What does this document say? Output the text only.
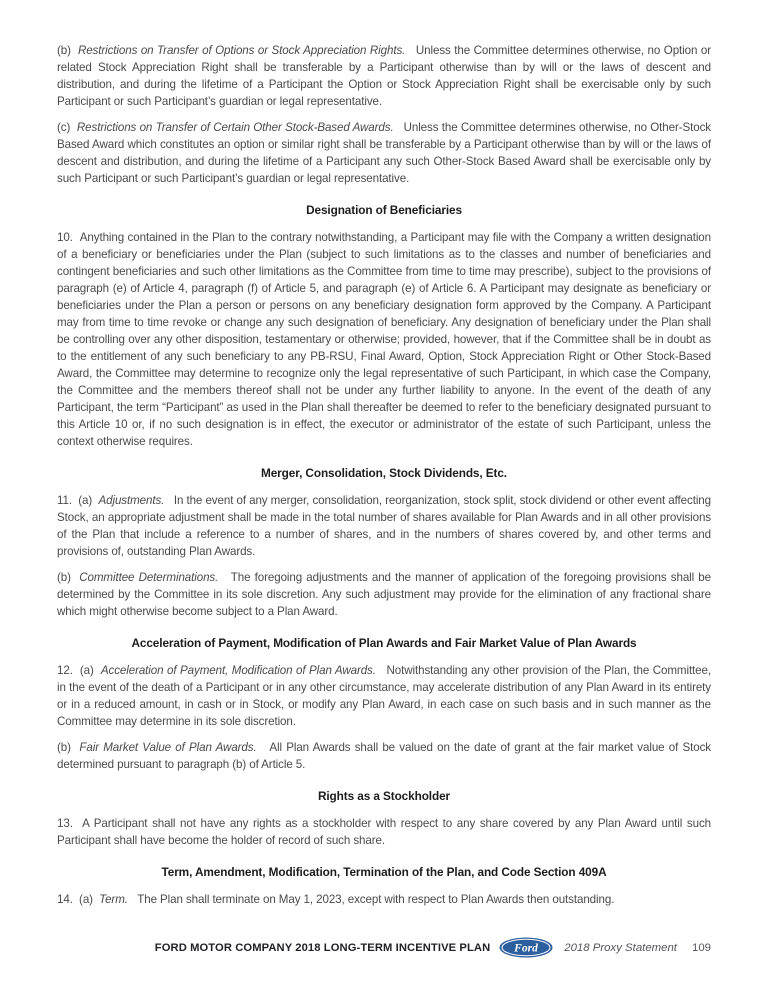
(b)  Restrictions on Transfer of Options or Stock Appreciation Rights.   Unless the Committee determines otherwise, no Option or related Stock Appreciation Right shall be transferable by a Participant otherwise than by will or the laws of descent and distribution, and during the lifetime of a Participant the Option or Stock Appreciation Right shall be exercisable only by such Participant or such Participant’s guardian or legal representative.

(c)  Restrictions on Transfer of Certain Other Stock-Based Awards.   Unless the Committee determines otherwise, no Other-Stock Based Award which constitutes an option or similar right shall be transferable by a Participant otherwise than by will or the laws of descent and distribution, and during the lifetime of a Participant any such Other-Stock Based Award shall be exercisable only by such Participant or such Participant’s guardian or legal representative.

Designation of Beneficiaries

10.  Anything contained in the Plan to the contrary notwithstanding, a Participant may file with the Company a written designation of a beneficiary or beneficiaries under the Plan (subject to such limitations as to the classes and number of beneficiaries and contingent beneficiaries and such other limitations as the Committee from time to time may prescribe), subject to the provisions of paragraph (e) of Article 4, paragraph (f) of Article 5, and paragraph (e) of Article 6. A Participant may designate as beneficiary or beneficiaries under the Plan a person or persons on any beneficiary designation form approved by the Company. A Participant may from time to time revoke or change any such designation of beneficiary. Any designation of beneficiary under the Plan shall be controlling over any other disposition, testamentary or otherwise; provided, however, that if the Committee shall be in doubt as to the entitlement of any such beneficiary to any PB-RSU, Final Award, Option, Stock Appreciation Right or Other Stock-Based Award, the Committee may determine to recognize only the legal representative of such Participant, in which case the Company, the Committee and the members thereof shall not be under any further liability to anyone. In the event of the death of any Participant, the term “Participant” as used in the Plan shall thereafter be deemed to refer to the beneficiary designated pursuant to this Article 10 or, if no such designation is in effect, the executor or administrator of the estate of such Participant, unless the context otherwise requires.

Merger, Consolidation, Stock Dividends, Etc.

11.  (a)  Adjustments.   In the event of any merger, consolidation, reorganization, stock split, stock dividend or other event affecting Stock, an appropriate adjustment shall be made in the total number of shares available for Plan Awards and in all other provisions of the Plan that include a reference to a number of shares, and in the numbers of shares covered by, and other terms and provisions of, outstanding Plan Awards.

(b)  Committee Determinations.   The foregoing adjustments and the manner of application of the foregoing provisions shall be determined by the Committee in its sole discretion. Any such adjustment may provide for the elimination of any fractional share which might otherwise become subject to a Plan Award.

Acceleration of Payment, Modification of Plan Awards and Fair Market Value of Plan Awards

12.  (a)  Acceleration of Payment, Modification of Plan Awards.   Notwithstanding any other provision of the Plan, the Committee, in the event of the death of a Participant or in any other circumstance, may accelerate distribution of any Plan Award in its entirety or in a reduced amount, in cash or in Stock, or modify any Plan Award, in each case on such basis and in such manner as the Committee may determine in its sole discretion.

(b)  Fair Market Value of Plan Awards.   All Plan Awards shall be valued on the date of grant at the fair market value of Stock determined pursuant to paragraph (b) of Article 5.

Rights as a Stockholder

13.  A Participant shall not have any rights as a stockholder with respect to any share covered by any Plan Award until such Participant shall have become the holder of record of such share.

Term, Amendment, Modification, Termination of the Plan, and Code Section 409A

14.  (a)  Term.   The Plan shall terminate on May 1, 2023, except with respect to Plan Awards then outstanding.

FORD MOTOR COMPANY 2018 LONG-TERM INCENTIVE PLAN Ford 2018 Proxy Statement 109
